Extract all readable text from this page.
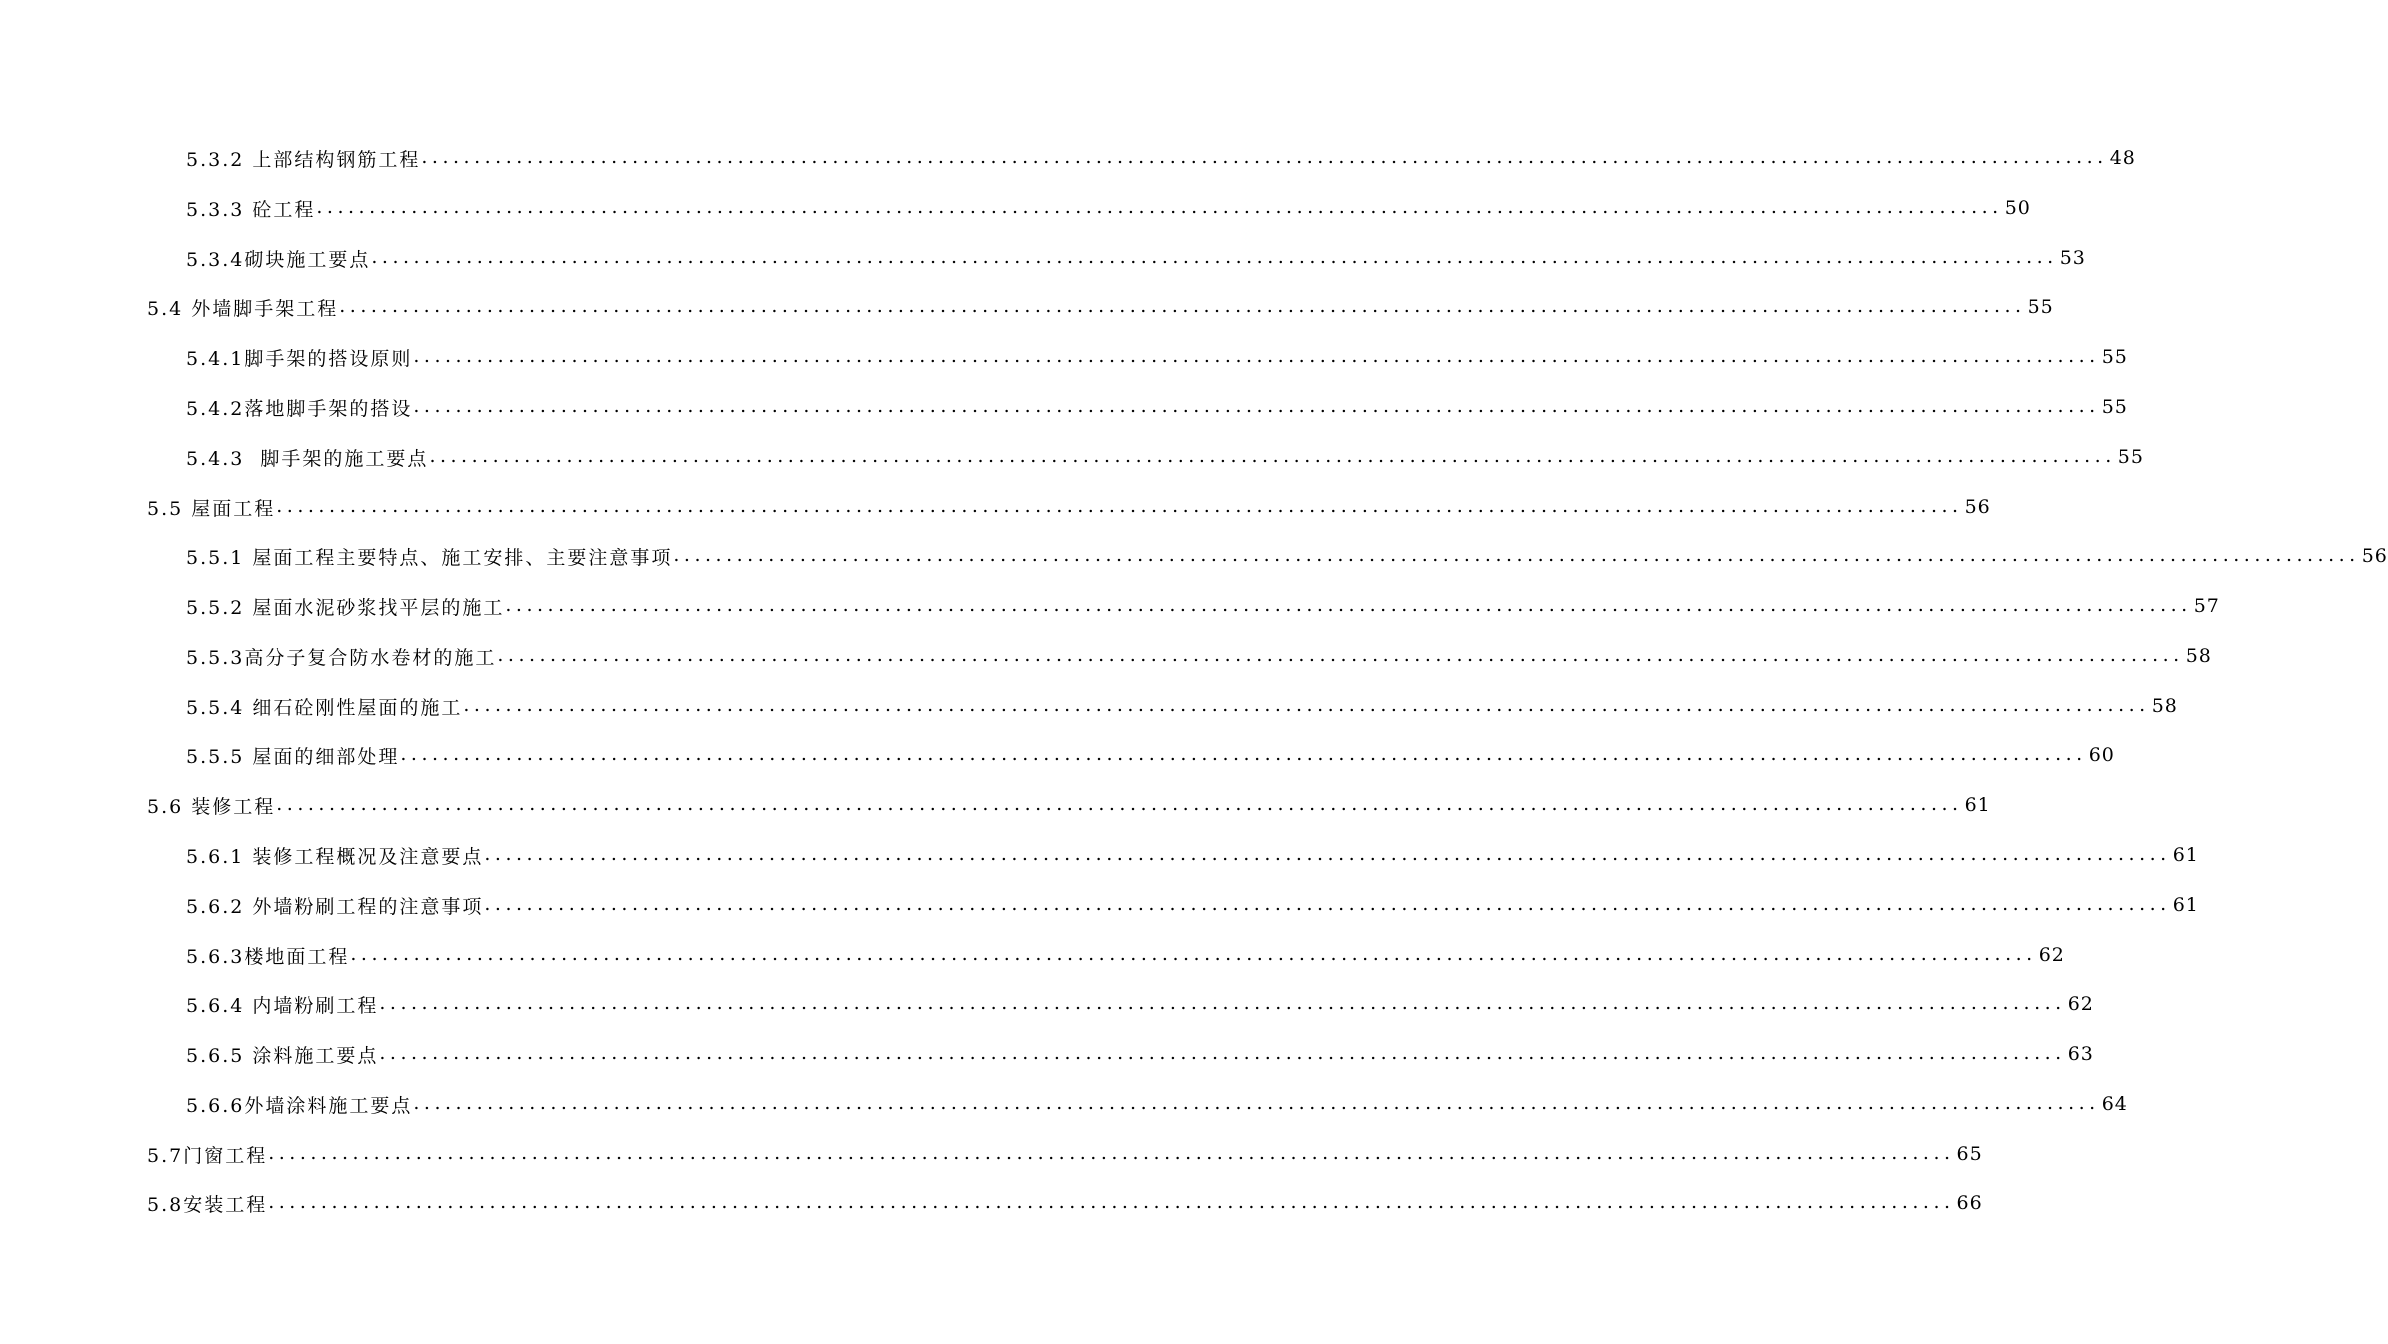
5.3.2 上部结构钢筋工程 ................................................................................................................................................................ 48
5.3.3 砼工程 ................................................................................................................................................................ 50
5.3.4砌块施工要点 ................................................................................................................................................................ 53
5.4 外墙脚手架工程 ................................................................................................................................................................ 55
5.4.1脚手架的搭设原则 ................................................................................................................................................................ 55
5.4.2落地脚手架的搭设 ................................................................................................................................................................ 55
5.4.3  脚手架的施工要点 ................................................................................................................................................................ 55
5.5 屋面工程 ................................................................................................................................................................ 56
5.5.1 屋面工程主要特点、施工安排、主要注意事项 ................................................................................................................................................................ 56
5.5.2 屋面水泥砂浆找平层的施工 ................................................................................................................................................................ 57
5.5.3高分子复合防水卷材的施工 ................................................................................................................................................................ 58
5.5.4 细石砼刚性屋面的施工 ................................................................................................................................................................ 58
5.5.5 屋面的细部处理 ................................................................................................................................................................ 60
5.6 装修工程 ................................................................................................................................................................ 61
5.6.1 装修工程概况及注意要点 ................................................................................................................................................................ 61
5.6.2 外墙粉刷工程的注意事项 ................................................................................................................................................................ 61
5.6.3楼地面工程 ................................................................................................................................................................ 62
5.6.4 内墙粉刷工程 ................................................................................................................................................................ 62
5.6.5 涂料施工要点 ................................................................................................................................................................ 63
5.6.6外墙涂料施工要点 ................................................................................................................................................................ 64
5.7门窗工程 ................................................................................................................................................................ 65
5.8安装工程 ................................................................................................................................................................ 66
